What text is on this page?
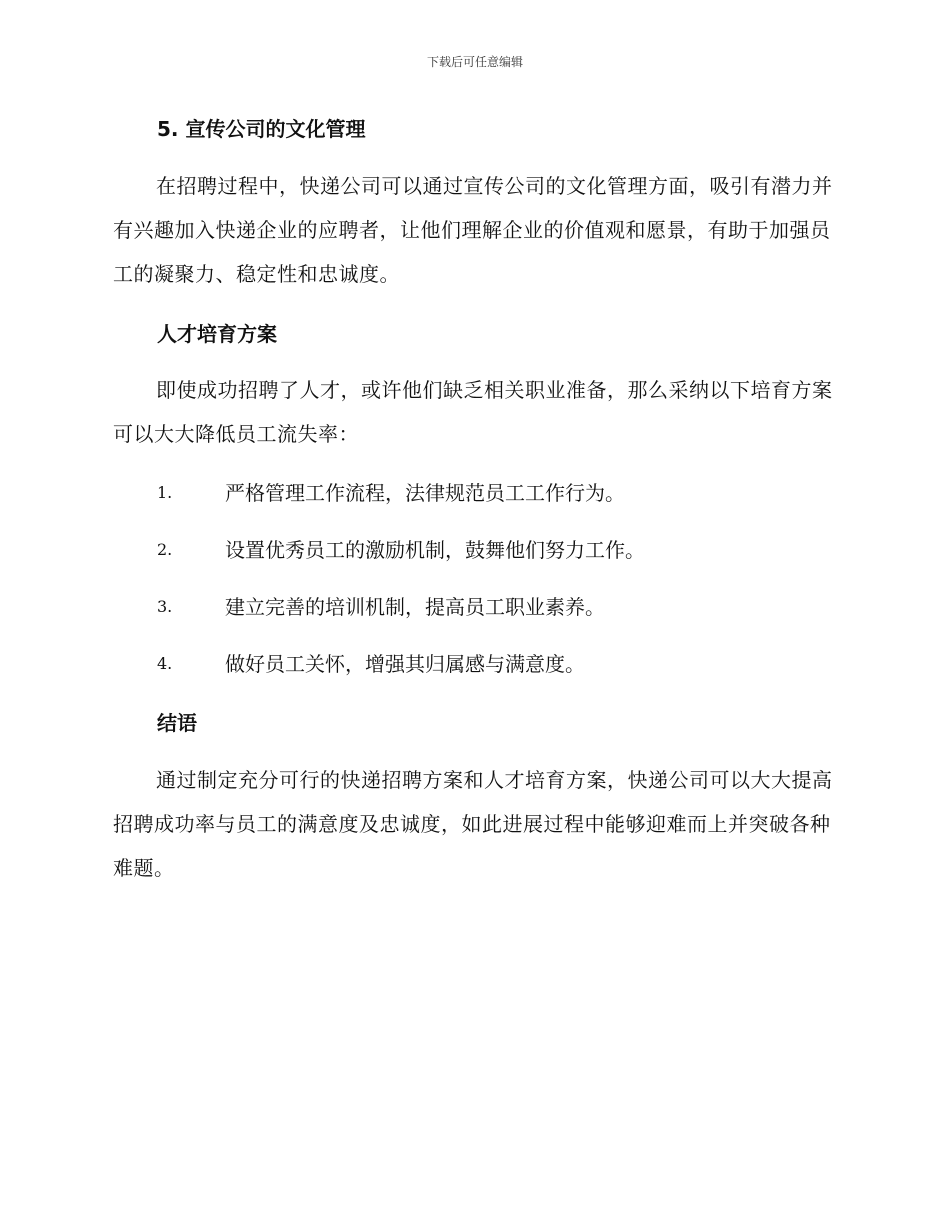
下载后可任意编辑
5. 宣传公司的文化管理
在招聘过程中，快递公司可以通过宣传公司的文化管理方面，吸引有潜力并有兴趣加入快递企业的应聘者，让他们理解企业的价值观和愿景，有助于加强员工的凝聚力、稳定性和忠诚度。
人才培育方案
即使成功招聘了人才，或许他们缺乏相关职业准备，那么采纳以下培育方案可以大大降低员工流失率：
1.	严格管理工作流程，法律规范员工工作行为。
2.	设置优秀员工的激励机制，鼓舞他们努力工作。
3.	建立完善的培训机制，提高员工职业素养。
4.	做好员工关怀，增强其归属感与满意度。
结语
通过制定充分可行的快递招聘方案和人才培育方案，快递公司可以大大提高招聘成功率与员工的满意度及忠诚度，如此进展过程中能够迎难而上并突破各种难题。
